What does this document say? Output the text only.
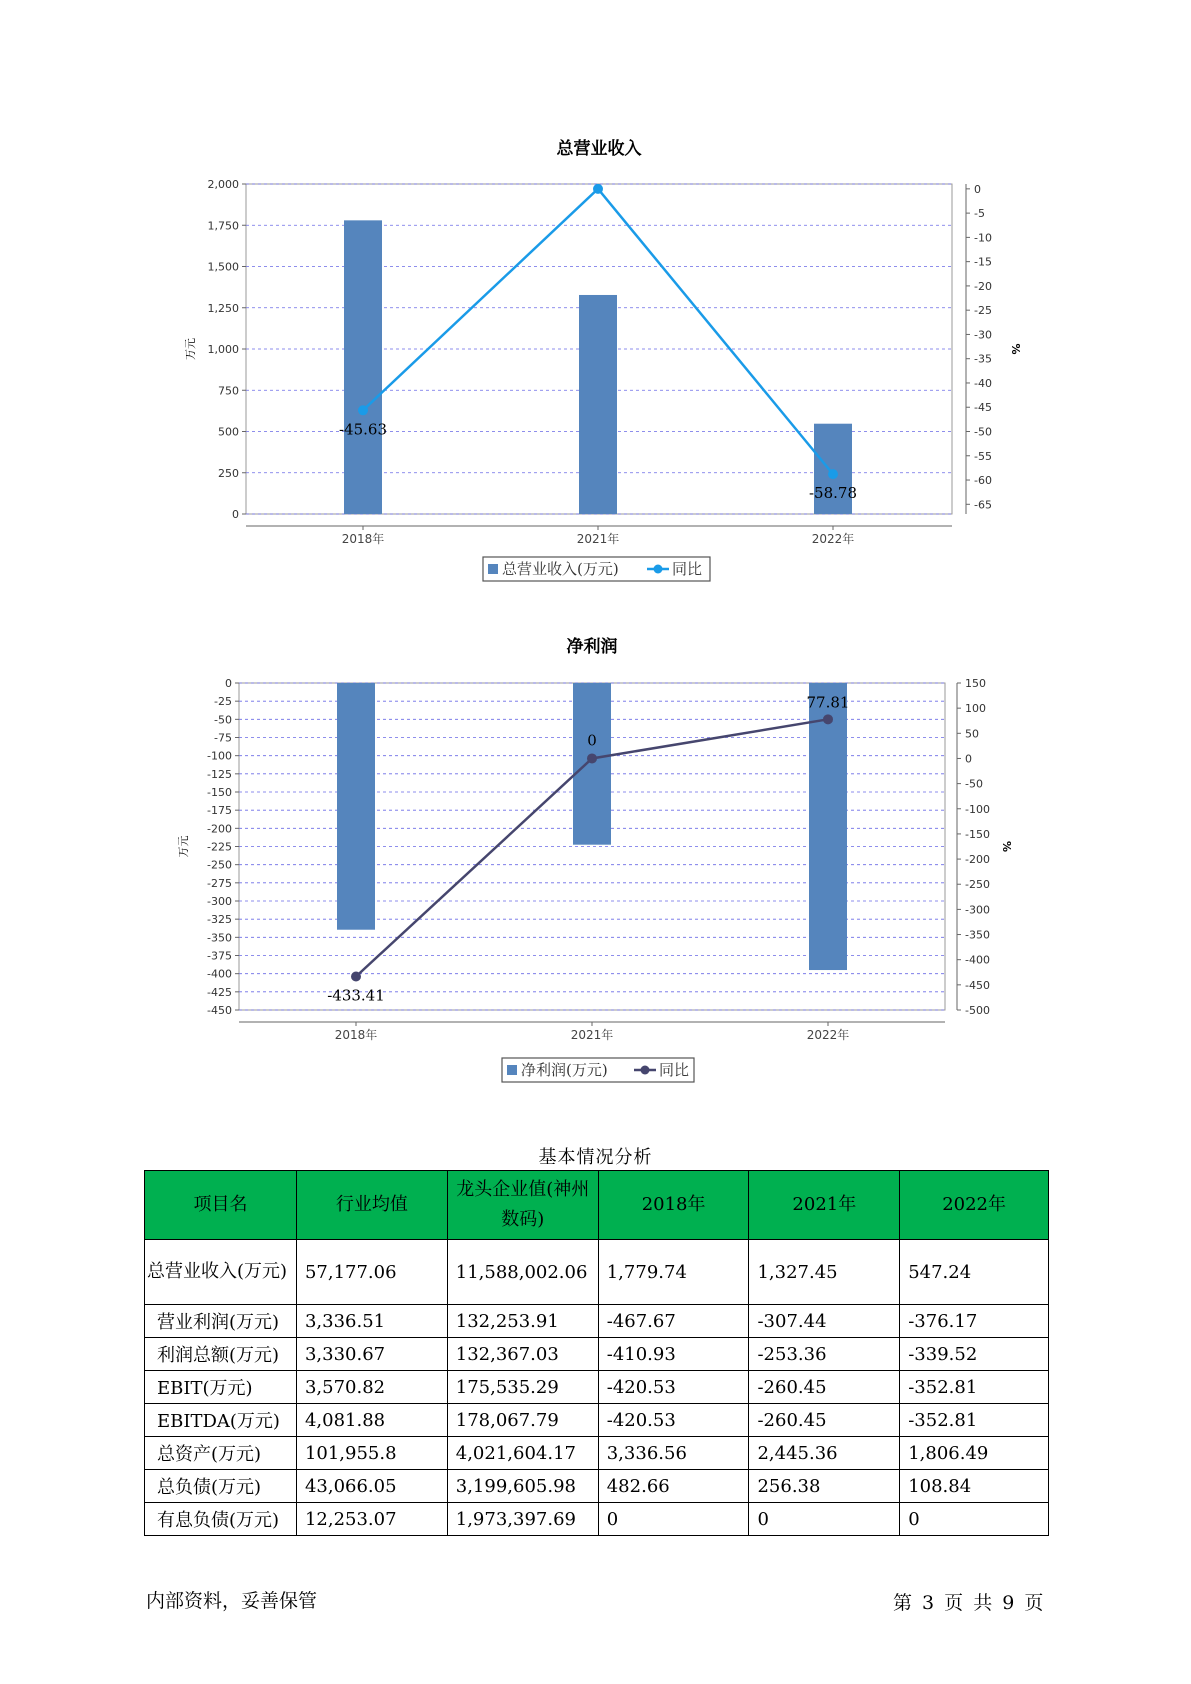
总营业收入
2,000
1,750
1,500
1,250
1,000
750
500
250
0
0
-5
-10
-15
-20
-25
-30
-35
-40
-45
-50
-55
-60
-65
万元	%
2018年	2021年	2022年
-45.63
-58.78
总营业收入(万元)	同比
净利润
0
-25
-50
-75
-100
-125
-150
-175
-200
-225
-250
-275
-300
-325
-350
-375
-400
-425
-450
150
100
50
0
-50
-100
-150
-200
-250
-300
-350
-400
-450
-500
万元	%
2018年	2021年	2022年
-433.41
0
77.81
净利润(万元)	同比
基本情况分析
项目名	行业均值	龙头企业值(神州数码)	2018年	2021年	2022年
总营业收入(万元)	57,177.06	11,588,002.06	1,779.74	1,327.45	547.24
营业利润(万元)	3,336.51	132,253.91	-467.67	-307.44	-376.17
利润总额(万元)	3,330.67	132,367.03	-410.93	-253.36	-339.52
EBIT(万元)	3,570.82	175,535.29	-420.53	-260.45	-352.81
EBITDA(万元)	4,081.88	178,067.79	-420.53	-260.45	-352.81
总资产(万元)	101,955.8	4,021,604.17	3,336.56	2,445.36	1,806.49
总负债(万元)	43,066.05	3,199,605.98	482.66	256.38	108.84
有息负债(万元)	12,253.07	1,973,397.69	0	0	0
内部资料，妥善保管	第 3 页 共 9 页
